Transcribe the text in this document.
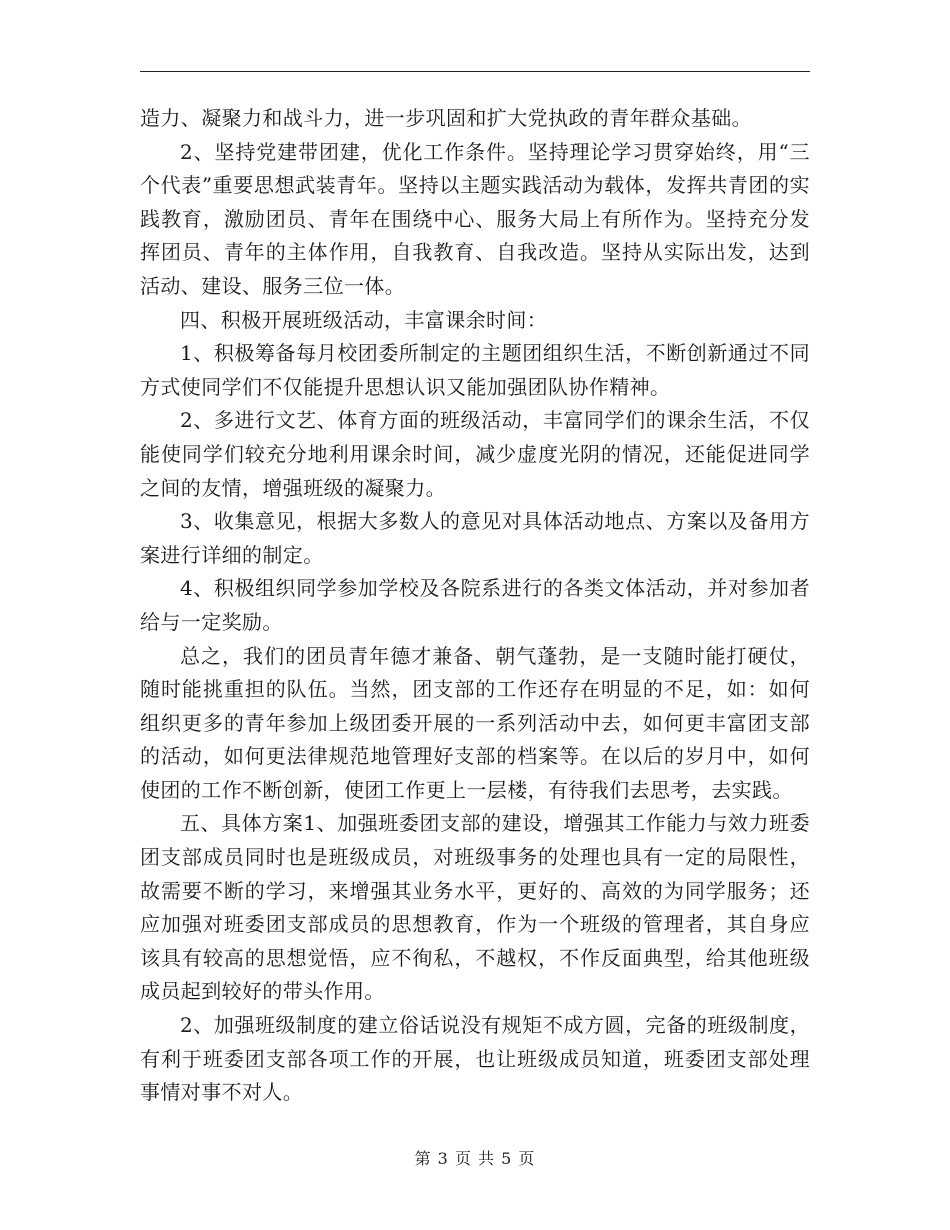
造力、凝聚力和战斗力，进一步巩固和扩大党执政的青年群众基础。

2、坚持党建带团建，优化工作条件。坚持理论学习贯穿始终，用“三个代表”重要思想武装青年。坚持以主题实践活动为载体，发挥共青团的实践教育，激励团员、青年在围绕中心、服务大局上有所作为。坚持充分发挥团员、青年的主体作用，自我教育、自我改造。坚持从实际出发，达到活动、建设、服务三位一体。

四、积极开展班级活动，丰富课余时间：

1、积极筹备每月校团委所制定的主题团组织生活，不断创新通过不同方式使同学们不仅能提升思想认识又能加强团队协作精神。

2、多进行文艺、体育方面的班级活动，丰富同学们的课余生活，不仅能使同学们较充分地利用课余时间，减少虚度光阴的情况，还能促进同学之间的友情，增强班级的凝聚力。

3、收集意见，根据大多数人的意见对具体活动地点、方案以及备用方案进行详细的制定。

4、积极组织同学参加学校及各院系进行的各类文体活动，并对参加者给与一定奖励。

总之，我们的团员青年德才兼备、朝气蓬勃，是一支随时能打硬仗，随时能挑重担的队伍。当然，团支部的工作还存在明显的不足，如：如何组织更多的青年参加上级团委开展的一系列活动中去，如何更丰富团支部的活动，如何更法律规范地管理好支部的档案等。在以后的岁月中，如何使团的工作不断创新，使团工作更上一层楼，有待我们去思考，去实践。

五、具体方案1、加强班委团支部的建设，增强其工作能力与效力班委团支部成员同时也是班级成员，对班级事务的处理也具有一定的局限性，故需要不断的学习，来增强其业务水平，更好的、高效的为同学服务；还应加强对班委团支部成员的思想教育，作为一个班级的管理者，其自身应该具有较高的思想觉悟，应不徇私，不越权，不作反面典型，给其他班级成员起到较好的带头作用。

2、加强班级制度的建立俗话说没有规矩不成方圆，完备的班级制度，有利于班委团支部各项工作的开展，也让班级成员知道，班委团支部处理事情对事不对人。

第 3 页 共 5 页
